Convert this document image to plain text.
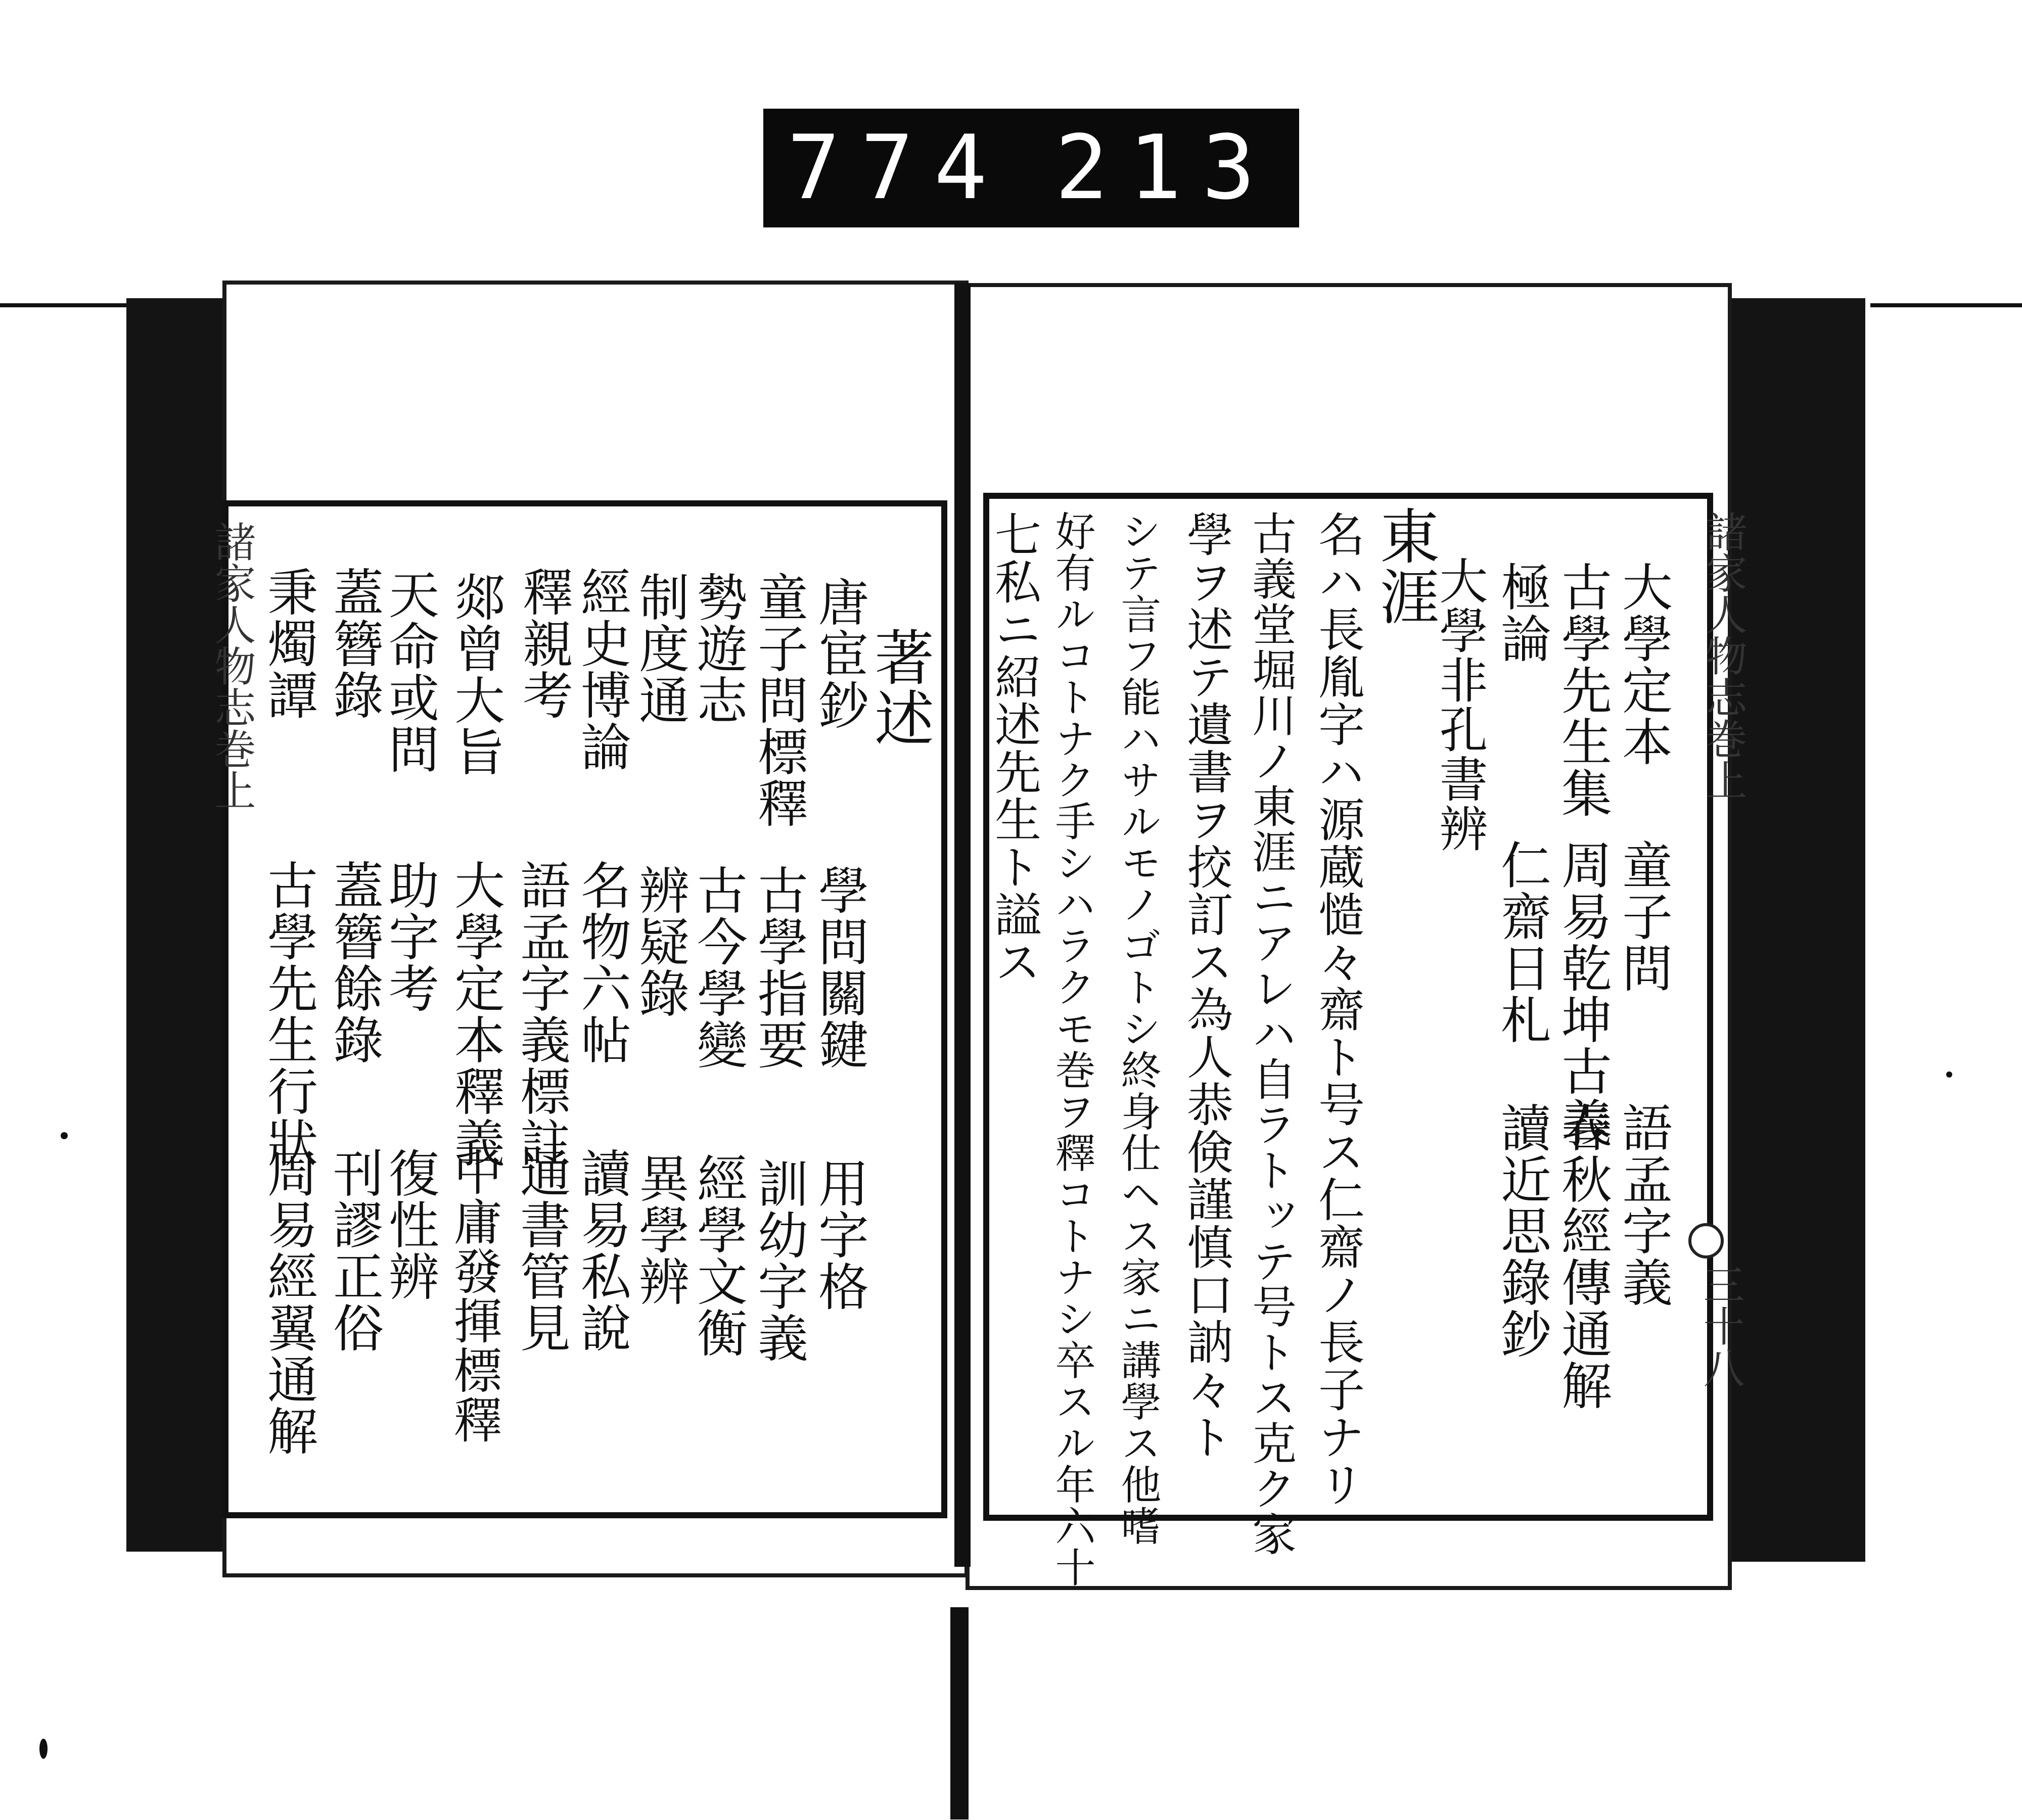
774 213
諸家人物志巻上	著述
唐宦鈔
童子問標釋
勢遊志
制度通
經史博論
釋親考
郯曾大旨
天命或問
蓋簪錄
秉燭譚
學問關鍵
古學指要
古今學變
辨疑錄
名物六帖
語孟字義標註
大學定本釋義
助字考
蓋簪餘錄
古學先生行狀
用字格
訓幼字義
經學文衡
異學辨
讀易私說
通書管見
中庸發揮標釋
復性辨
刊謬正俗
周易經翼通解
諸家人物志巻上
三十八
大學定本
古學先生集
極論
大學非孔書辨
童子問
周易乾坤古義
仁齋日札
語孟字義
春秋經傳通解
讀近思錄鈔
東涯
名ハ長胤字ハ源蔵慥々齋ト号ス仁齋ノ長子ナリ
古義堂堀川ノ東涯ニアレハ自ラトッテ号トス克ク家
學ヲ述テ遺書ヲ挍訂ス為人恭倹謹慎口訥々ト
シテ言フ能ハサルモノゴトシ終身仕ヘス家ニ講學ス他嗜
好有ルコトナク手シハラクモ巻ヲ釋コトナシ卒スル年六十
七私ニ紹述先生ト謚ス
